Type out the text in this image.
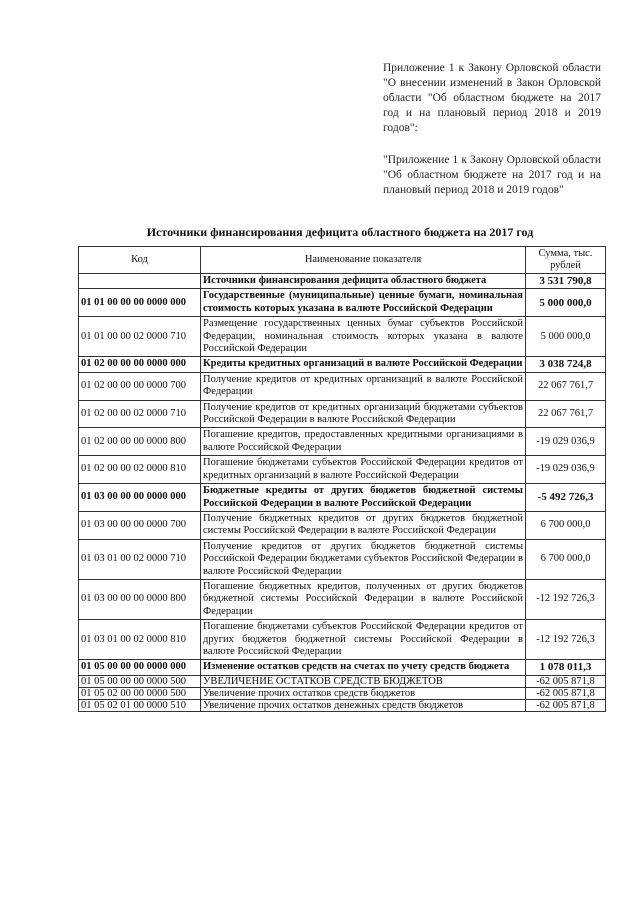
Приложение 1 к Закону Орловской области "О внесении изменений в Закон Орловской области "Об областном бюджете на 2017 год и на плановый период 2018 и 2019 годов":
"Приложение 1 к Закону Орловской области "Об областном бюджете на 2017 год и на плановый период 2018 и 2019 годов"
Источники финансирования дефицита областного бюджета на 2017 год
Код	Наименование показателя	Сумма, тыс. рублей
	Источники финансирования дефицита областного бюджета	3 531 790,8
01 01 00 00 00 0000 000	Государственные (муниципальные) ценные бумаги, номинальная стоимость которых указана в валюте Российской Федерации	5 000 000,0
01 01 00 00 02 0000 710	Размещение государственных ценных бумаг субъектов Российской Федерации, номинальная стоимость которых указана в валюте Российской Федерации	5 000 000,0
01 02 00 00 00 0000 000	Кредиты кредитных организаций в валюте Российской Федерации	3 038 724,8
01 02 00 00 00 0000 700	Получение кредитов от кредитных организаций в валюте Российской Федерации	22 067 761,7
01 02 00 00 02 0000 710	Получение кредитов от кредитных организаций бюджетами субъектов Российской Федерации в валюте Российской Федерации	22 067 761,7
01 02 00 00 00 0000 800	Погашение кредитов, предоставленных кредитными организациями в валюте Российской Федерации	-19 029 036,9
01 02 00 00 02 0000 810	Погашение бюджетами субъектов Российской Федерации кредитов от кредитных организаций в валюте Российской Федерации	-19 029 036,9
01 03 00 00 00 0000 000	Бюджетные кредиты от других бюджетов бюджетной системы Российской Федерации в валюте Российской Федерации	-5 492 726,3
01 03 00 00 00 0000 700	Получение бюджетных кредитов от других бюджетов бюджетной системы Российской Федерации в валюте Российской Федерации	6 700 000,0
01 03 01 00 02 0000 710	Получение кредитов от других бюджетов бюджетной системы Российской Федерации бюджетами субъектов Российской Федерации в валюте Российской Федерации	6 700 000,0
01 03 00 00 00 0000 800	Погашение бюджетных кредитов, полученных от других бюджетов бюджетной системы Российской Федерации в валюте Российской Федерации	-12 192 726,3
01 03 01 00 02 0000 810	Погашение бюджетами субъектов Российской Федерации кредитов от других бюджетов бюджетной системы Российской Федерации в валюте Российской Федерации	-12 192 726,3
01 05 00 00 00 0000 000	Изменение остатков средств на счетах по учету средств бюджета	1 078 011,3
01 05 00 00 00 0000 500	УВЕЛИЧЕНИЕ ОСТАТКОВ СРЕДСТВ БЮДЖЕТОВ	-62 005 871,8
01 05 02 00 00 0000 500	Увеличение прочих остатков средств бюджетов	-62 005 871,8
01 05 02 01 00 0000 510	Увеличение прочих остатков денежных средств бюджетов	-62 005 871,8
